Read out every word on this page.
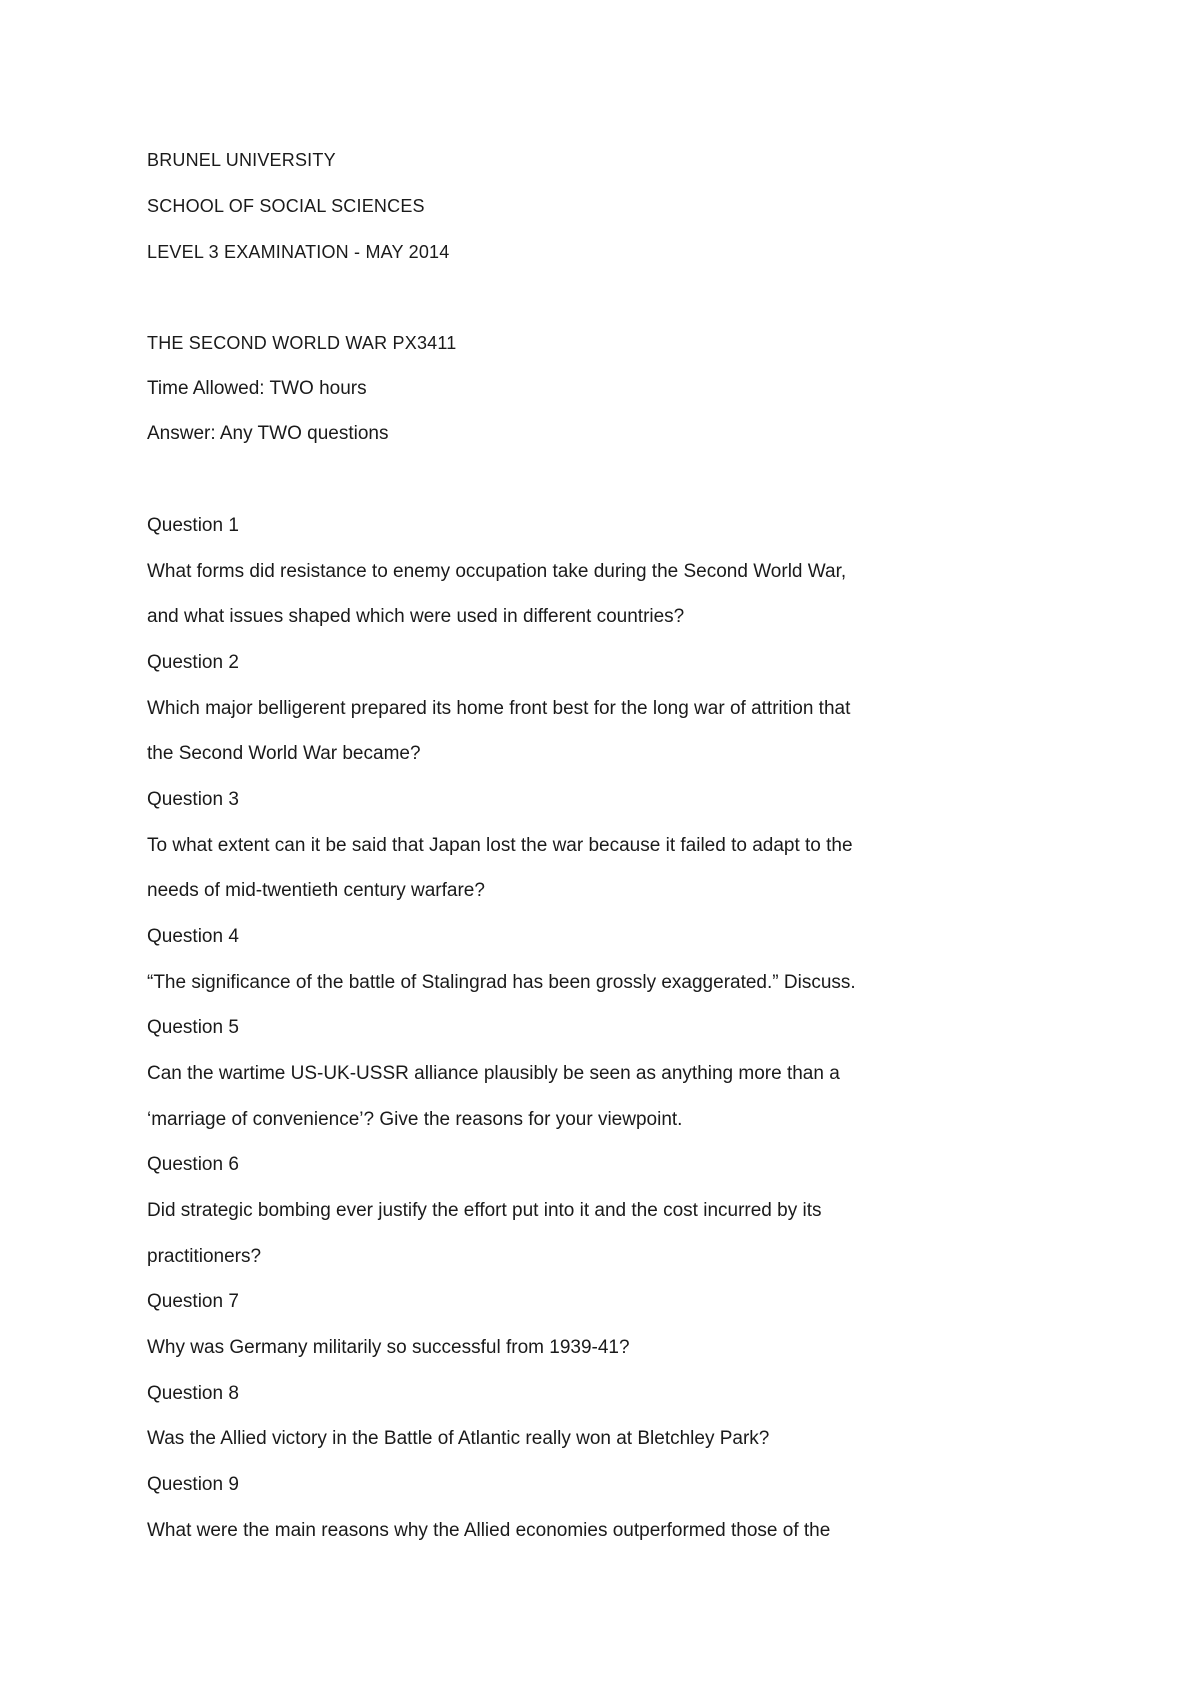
BRUNEL UNIVERSITY
SCHOOL OF SOCIAL SCIENCES
LEVEL 3 EXAMINATION - MAY 2014
THE SECOND WORLD WAR PX3411
Time Allowed: TWO hours
Answer: Any TWO questions
Question 1
What forms did resistance to enemy occupation take during the Second World War,
and what issues shaped which were used in different countries?
Question 2
Which major belligerent prepared its home front best for the long war of attrition that
the Second World War became?
Question 3
To what extent can it be said that Japan lost the war because it failed to adapt to the
needs of mid-twentieth century warfare?
Question 4
“The significance of the battle of Stalingrad has been grossly exaggerated.” Discuss.
Question 5
Can the wartime US-UK-USSR alliance plausibly be seen as anything more than a
‘marriage of convenience’? Give the reasons for your viewpoint.
Question 6
Did strategic bombing ever justify the effort put into it and the cost incurred by its
practitioners?
Question 7
Why was Germany militarily so successful from 1939-41?
Question 8
Was the Allied victory in the Battle of Atlantic really won at Bletchley Park?
Question 9
What were the main reasons why the Allied economies outperformed those of the
